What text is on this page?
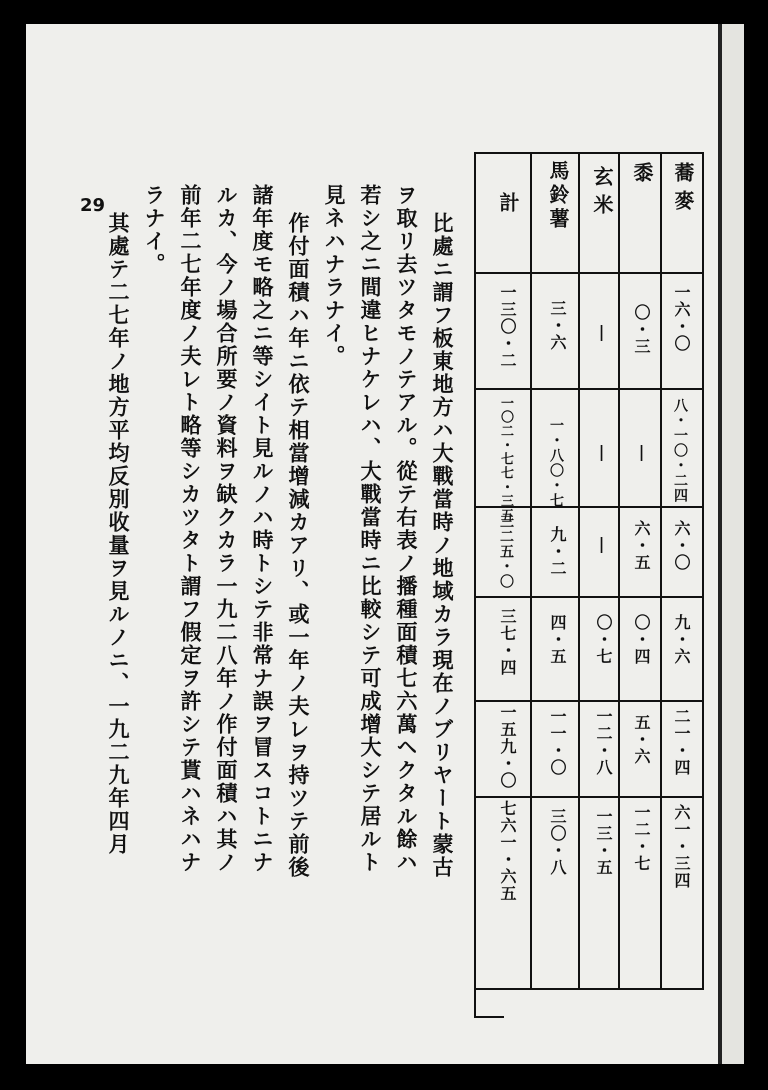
蕎麥
黍
玄米
馬鈴薯
計
一六・〇
〇・三
|
三・六
一三〇・二
八・一〇・二四
|
|
一・八〇・七
一〇二・七七・三五
六・〇
六・五
|
九・二
三二五・〇
九・六
〇・四
〇・七
四・五
三七・四
二一・四
五・六
一二・八
一一・〇
一五九・〇
六一・三四
一二・七
一三・五
三〇・八
七六一・六五
比處ニ謂フ板東地方ハ大戰當時ノ地域カラ現在ノブリヤート蒙古
ヲ取リ去ツタモノテアル。從テ右表ノ播種面積七六萬ヘクタル餘ハ
若シ之ニ間違ヒナケレハ、大戰當時ニ比較シテ可成增大シテ居ルト
見ネハナラナイ。
作付面積ハ年ニ依テ相當增減カアリ、或一年ノ夫レヲ持ツテ前後
諸年度モ略之ニ等シイト見ルノハ時トシテ非常ナ誤ヲ冒スコトニナ
ルカ、今ノ場合所要ノ資料ヲ缺クカラ一九二八年ノ作付面積ハ其ノ
前年二七年度ノ夫レト略等シカツタト謂フ假定ヲ許シテ貰ハネハナ
ラナイ。
其處テ二七年ノ地方平均反別收量ヲ見ルノニ、一九二九年四月
29
